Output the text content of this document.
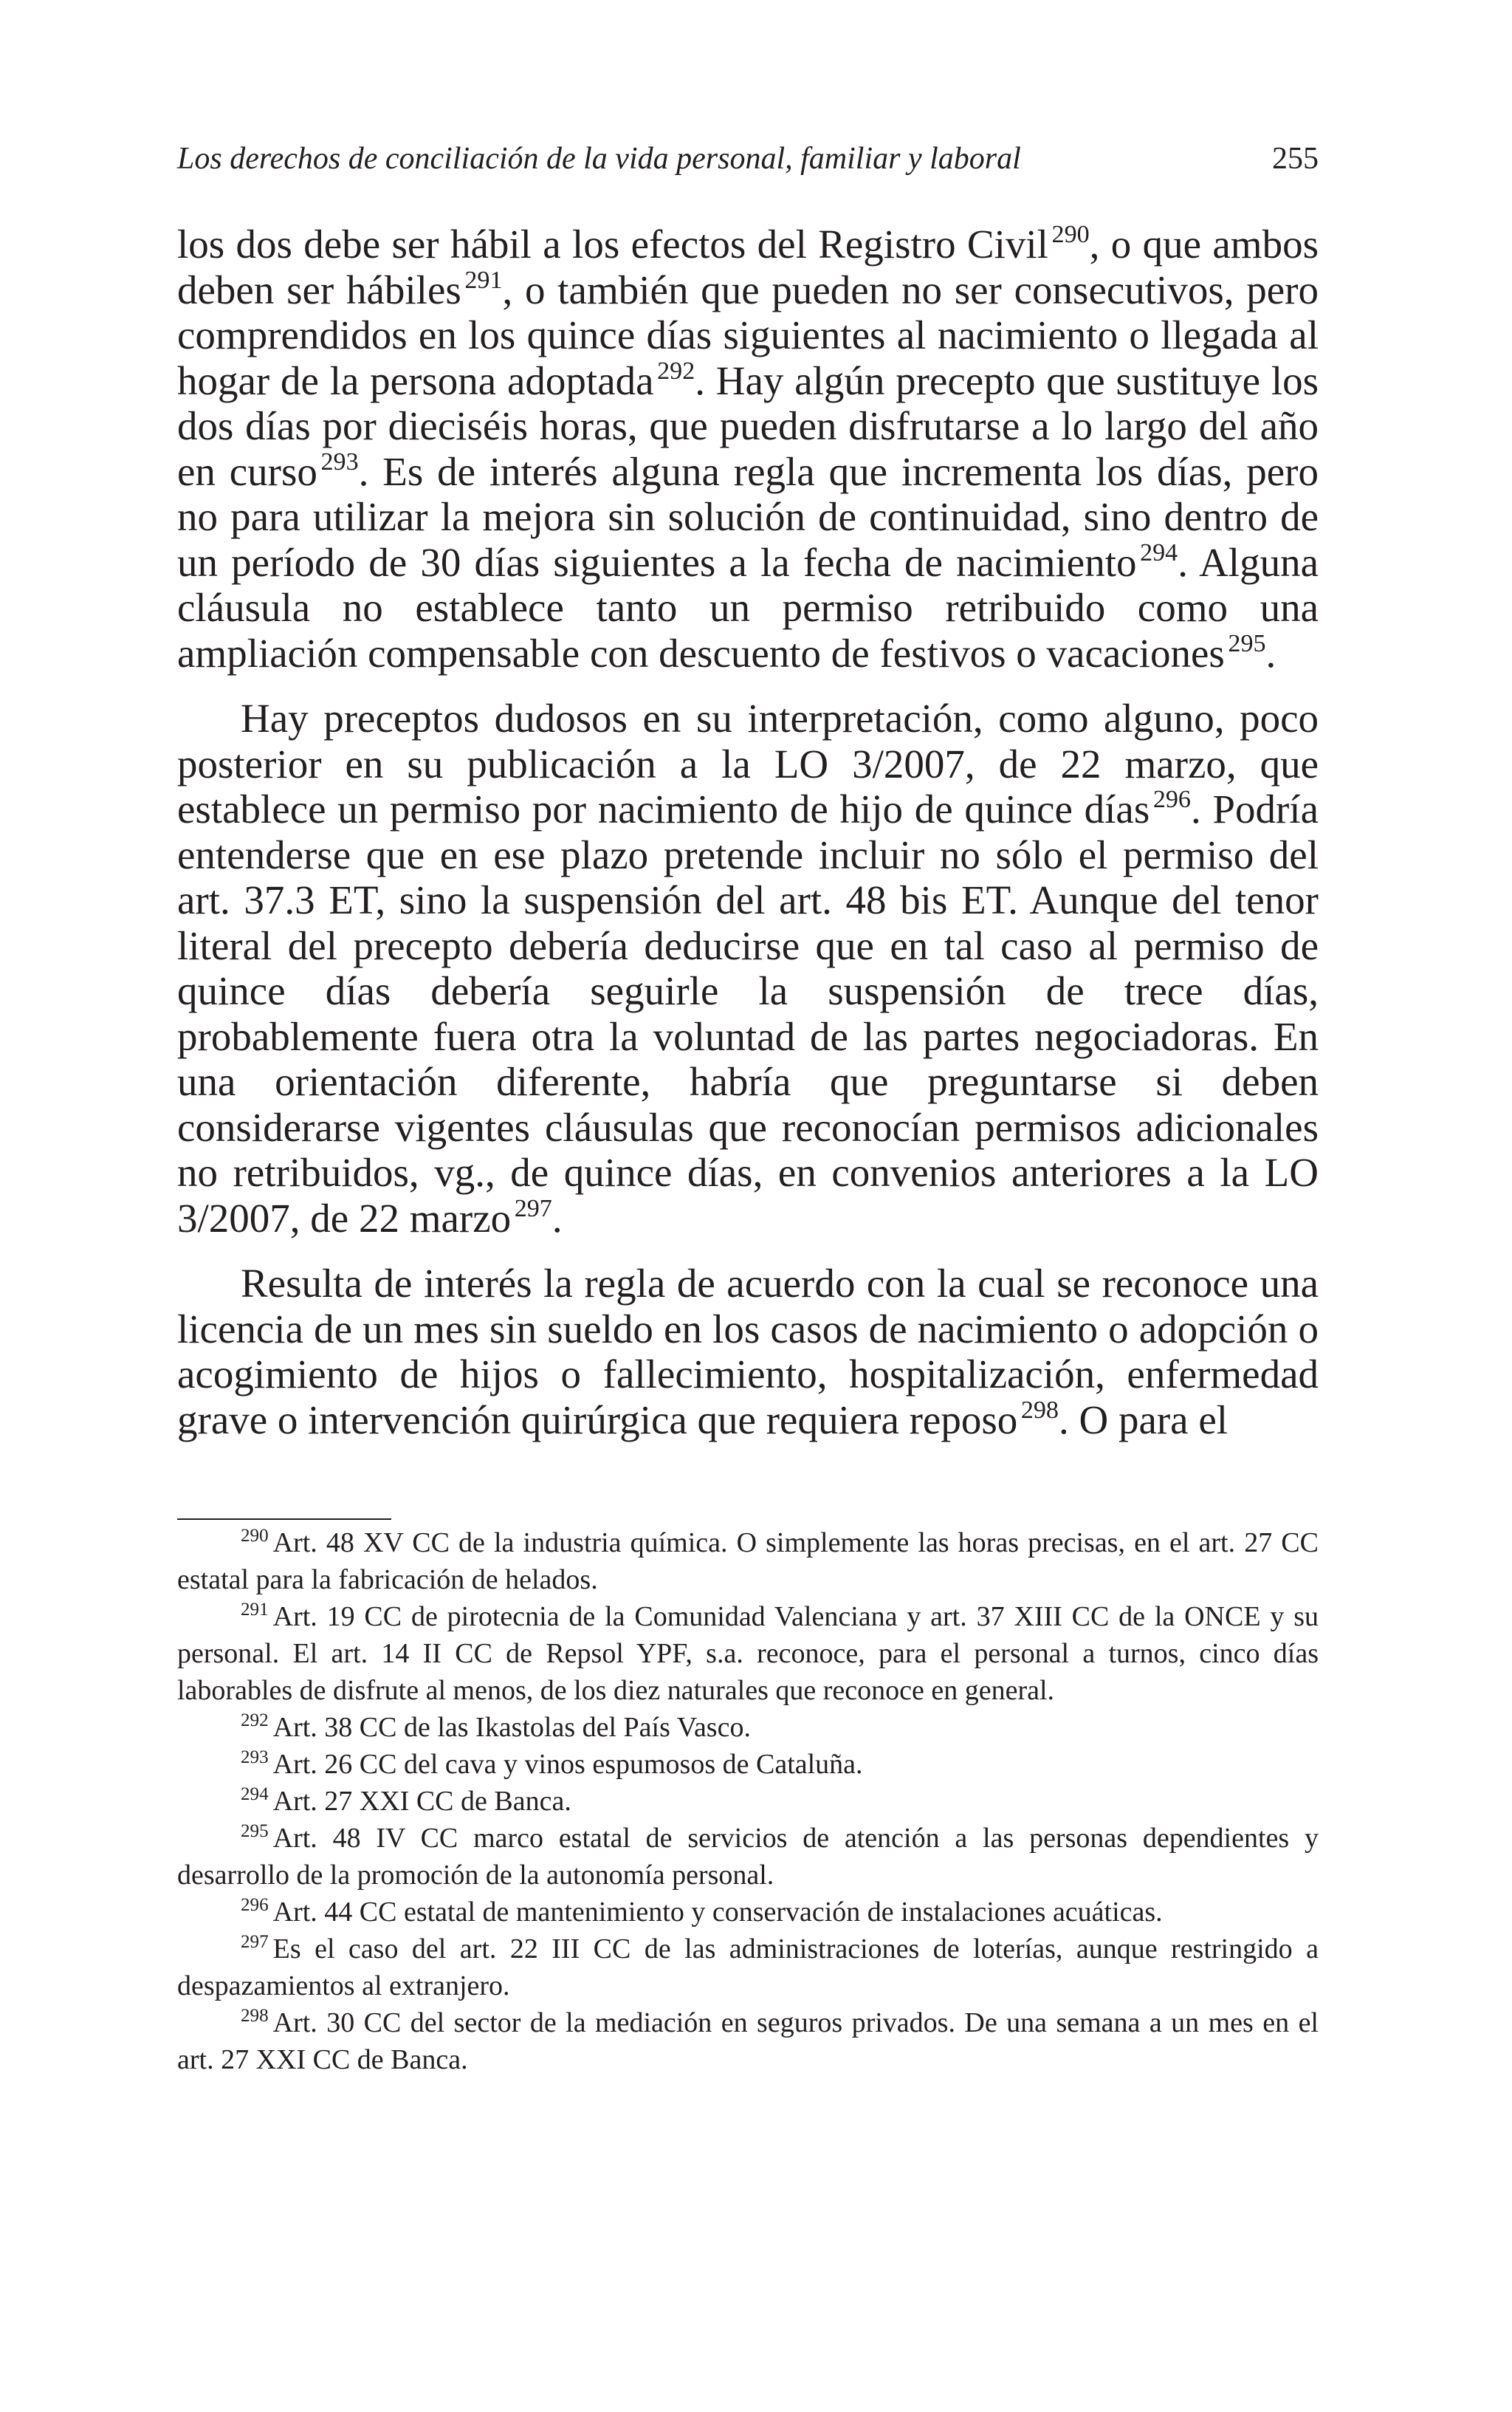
Los derechos de conciliación de la vida personal, familiar y laboral	255

los dos debe ser hábil a los efectos del Registro Civil  $^{290}$, o que ambos deben ser hábiles  $^{291}$, o también que pueden no ser consecutivos, pero comprendidos en los quince días siguientes al nacimiento o llegada al hogar de la persona adoptada  $^{292}$. Hay algún precepto que sustituye los dos días por dieciséis horas, que pueden disfrutarse a lo largo del año en curso  $^{293}$. Es de interés alguna regla que incrementa los días, pero no para utilizar la mejora sin solución de continuidad, sino dentro de un período de 30 días siguientes a la fecha de nacimiento  $^{294}$. Alguna cláusula no establece tanto un permiso retribuido como una ampliación compensable con descuento de festivos o vacaciones  $^{295}$.

Hay preceptos dudosos en su interpretación, como alguno, poco posterior en su publicación a la LO 3/2007, de 22 marzo, que establece un permiso por nacimiento de hijo de quince días  $^{296}$. Podría entenderse que en ese plazo pretende incluir no sólo el permiso del art. 37.3 ET, sino la suspensión del art. 48 bis ET. Aunque del tenor literal del precepto debería deducirse que en tal caso al permiso de quince días debería seguirle la suspensión de trece días, probablemente fuera otra la voluntad de las partes negociadoras. En una orientación diferente, habría que preguntarse si deben considerarse vigentes cláusulas que reconocían permisos adicionales no retribuidos, vg., de quince días, en convenios anteriores a la LO 3/2007, de 22 marzo  $^{297}$.

Resulta de interés la regla de acuerdo con la cual se reconoce una licencia de un mes sin sueldo en los casos de nacimiento o adopción o acogimiento de hijos o fallecimiento, hospitalización, enfermedad grave o intervención quirúrgica que requiera reposo  $^{298}$. O para el

$^{290}$ Art. 48 XV CC de la industria química. O simplemente las horas precisas, en el art. 27 CC estatal para la fabricación de helados.

$^{291}$ Art. 19 CC de pirotecnia de la Comunidad Valenciana y art. 37 XIII CC de la ONCE y su personal. El art. 14 II CC de Repsol YPF, s.a. reconoce, para el personal a turnos, cinco días laborables de disfrute al menos, de los diez naturales que reconoce en general.

$^{292}$ Art. 38 CC de las Ikastolas del País Vasco.

$^{293}$ Art. 26 CC del cava y vinos espumosos de Cataluña.

$^{294}$ Art. 27 XXI CC de Banca.

$^{295}$ Art. 48 IV CC marco estatal de servicios de atención a las personas dependientes y desarrollo de la promoción de la autonomía personal.

$^{296}$ Art. 44 CC estatal de mantenimiento y conservación de instalaciones acuáticas.

$^{297}$ Es el caso del art. 22 III CC de las administraciones de loterías, aunque restringido a despazamientos al extranjero.

$^{298}$ Art. 30 CC del sector de la mediación en seguros privados. De una semana a un mes en el art. 27 XXI CC de Banca.
